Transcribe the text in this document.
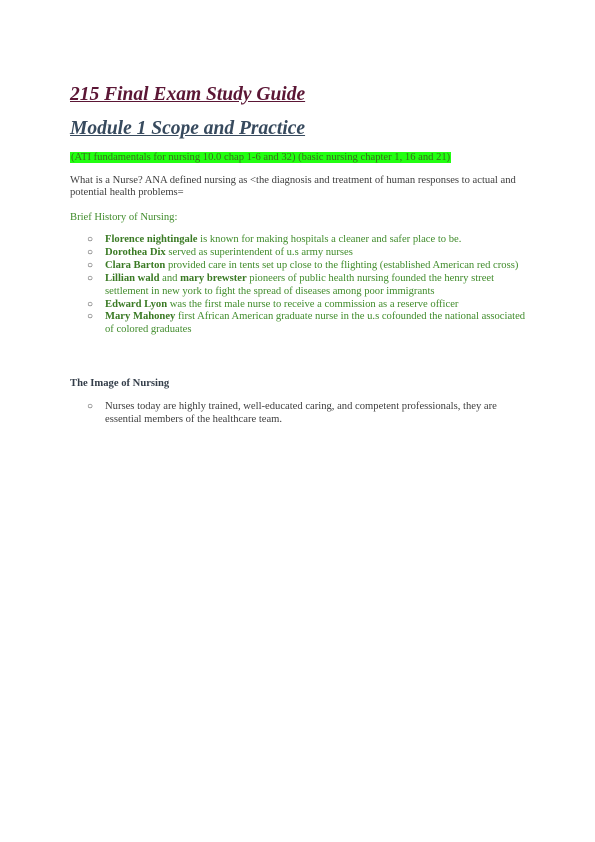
215 Final Exam Study Guide
Module 1 Scope and Practice
(ATI fundamentals for nursing 10.0 chap 1-6 and 32) (basic nursing chapter 1, 16 and 21)
What is a Nurse? ANA defined nursing as <the diagnosis and treatment of human responses to actual and potential health problems=
Brief History of Nursing:
○ Florence nightingale is known for making hospitals a cleaner and safer place to be.
○ Dorothea Dix served as superintendent of u.s army nurses
○ Clara Barton provided care in tents set up close to the flighting (established American red cross)
○ Lillian wald and mary brewster pioneers of public health nursing founded the henry street settlement in new york to fight the spread of diseases among poor immigrants
○ Edward Lyon was the first male nurse to receive a commission as a reserve officer
○ Mary Mahoney first African American graduate nurse in the u.s cofounded the national associated of colored graduates
The Image of Nursing
○ Nurses today are highly trained, well-educated caring, and competent professionals, they are essential members of the healthcare team.
